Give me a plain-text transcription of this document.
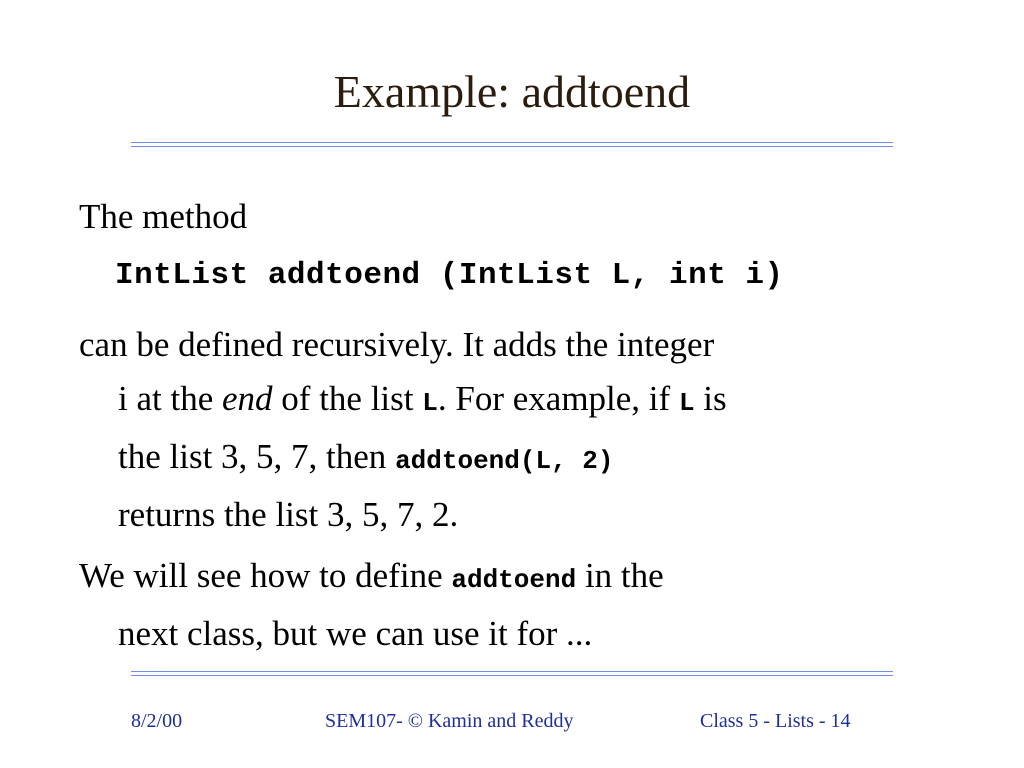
Example: addtoend
The method
IntList addtoend (IntList L, int i)
can be defined recursively. It adds the integer
i at the end of the list L. For example, if L is
the list 3, 5, 7, then addtoend(L, 2)
returns the list 3, 5, 7, 2.
We will see how to define addtoend in the
next class, but we can use it for ...
8/2/00	SEM107- © Kamin and Reddy	Class 5 - Lists - 14
